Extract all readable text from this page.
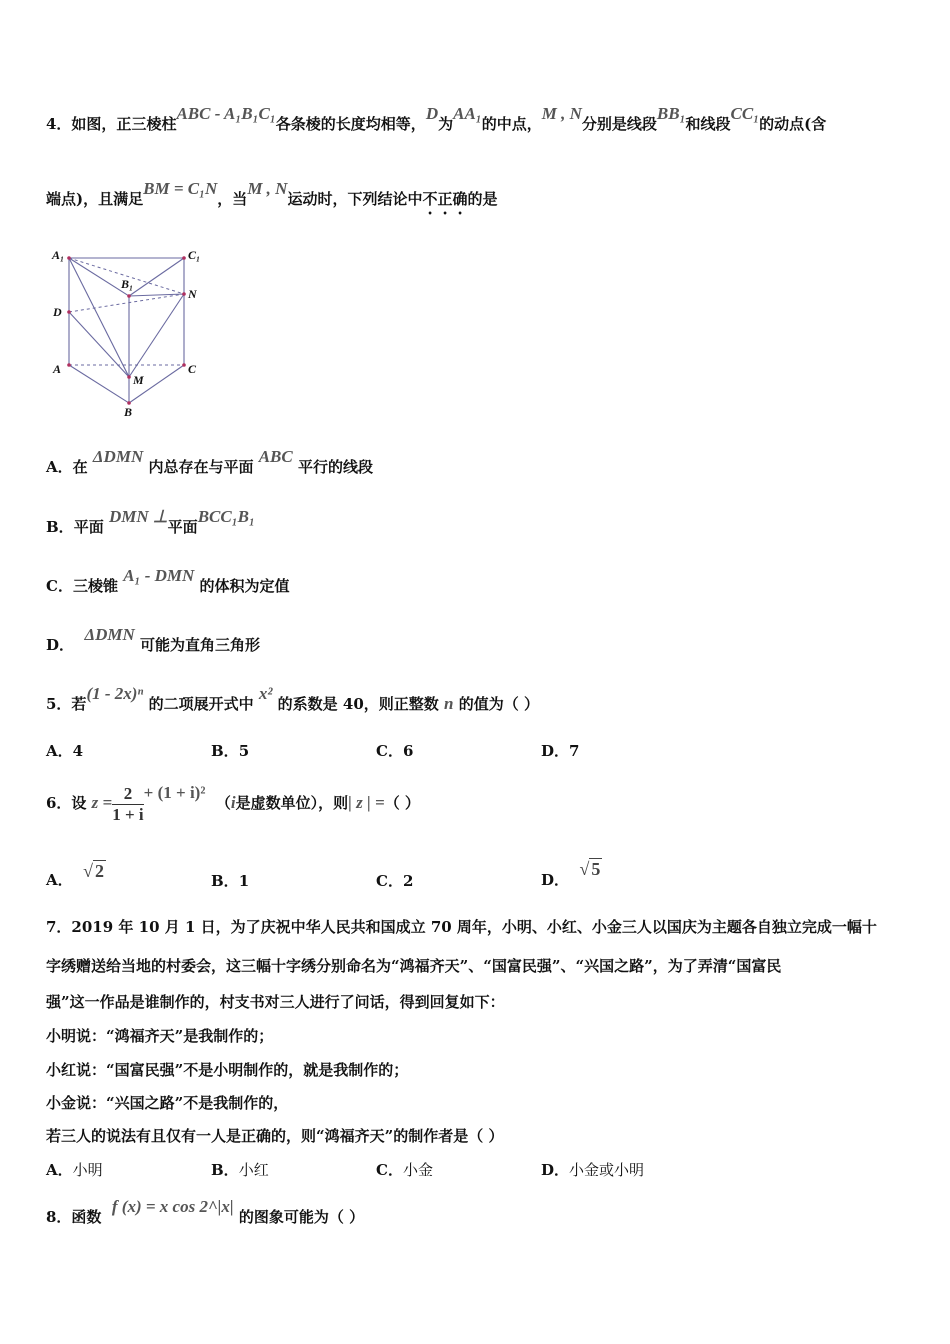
4．如图，正三棱柱ABC - A₁B₁C₁各条棱的长度均相等，D为AA₁的中点，M , N分别是线段BB₁和线段CC₁的动点(含
端点)，且满足BM = C₁N，当M , N运动时，下列结论中不正确的是
A₁	C₁
B₁
N
D
A
M
C
B
A．在 ΔDMN 内总存在与平面 ABC 平行的线段
B．平面 DMN ⊥平面BCC₁B₁
C．三棱锥 A₁ - DMN 的体积为定值
D．  ΔDMN 可能为直角三角形
5．若(1 - 2x)ⁿ 的二项展开式中 x² 的系数是 40，则正整数 n 的值为（ ）
A．4	B．5	C．6	D．7
6．设 $z = \frac{2}{1 + i} + (1 + i)^2$  （i是虚数单位），则| z | =（ ）
A． √ 2	B．1	C．2	D．  √ 5
7．2019 年 10 月 1 日，为了庆祝中华人民共和国成立 70 周年，小明、小红、小金三人以国庆为主题各自独立完成一幅十
字绣赠送给当地的村委会，这三幅十字绣分别命名为“鸿福齐天”、“国富民强”、“兴国之路”，为了弄清“国富民
强”这一作品是谁制作的，村支书对三人进行了问话，得到回复如下：
小明说：“鸿福齐天”是我制作的；
小红说：“国富民强”不是小明制作的，就是我制作的；
小金说：“兴国之路”不是我制作的，
若三人的说法有且仅有一人是正确的，则“鸿福齐天”的制作者是（ ）
A．小明	B．小红	C．小金	D．小金或小明
8．函数  f (x) = x cos 2^|x| 的图象可能为（ ）
